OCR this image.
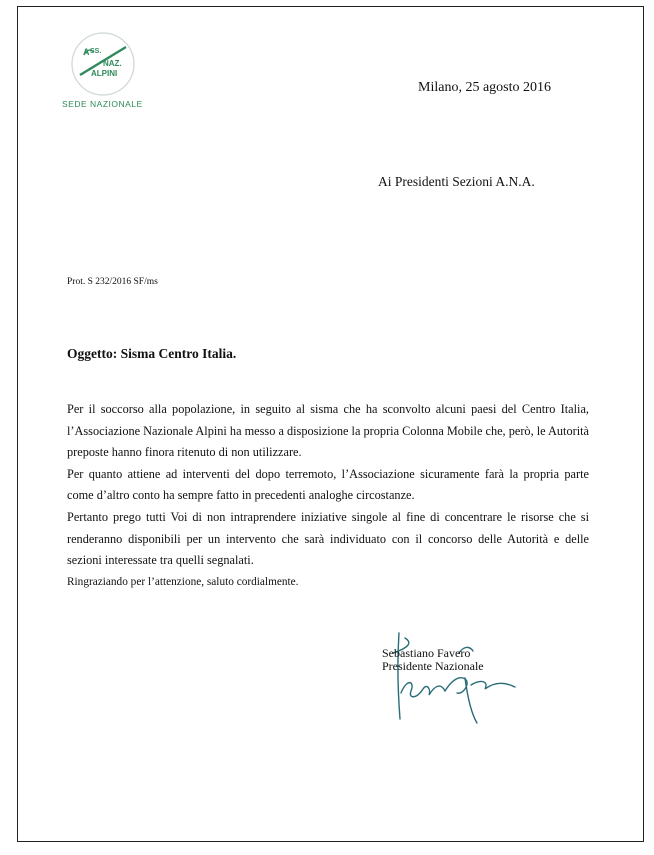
A SS.
NAZ.
ALPINI
SEDE NAZIONALE
Milano, 25 agosto 2016
Ai Presidenti Sezioni A.N.A.
Prot. S 232/2016 SF/ms
Oggetto: Sisma Centro Italia.

Per il soccorso alla popolazione, in seguito al sisma che ha sconvolto alcuni paesi del Centro Italia, l’Associazione Nazionale Alpini ha messo a disposizione la propria Colonna Mobile che, però, le Autorità preposte hanno finora ritenuto di non utilizzare.

Per quanto attiene ad interventi del dopo terremoto, l’Associazione sicuramente farà la propria parte come d’altro conto ha sempre fatto in precedenti analoghe circostanze.

Pertanto prego tutti Voi di non intraprendere iniziative singole al fine di concentrare le risorse che si renderanno disponibili per un intervento che sarà individuato con il concorso delle Autorità e delle sezioni interessate tra quelli segnalati.

Ringraziando per l’attenzione, saluto cordialmente.

Sebastiano Favero
Presidente Nazionale
